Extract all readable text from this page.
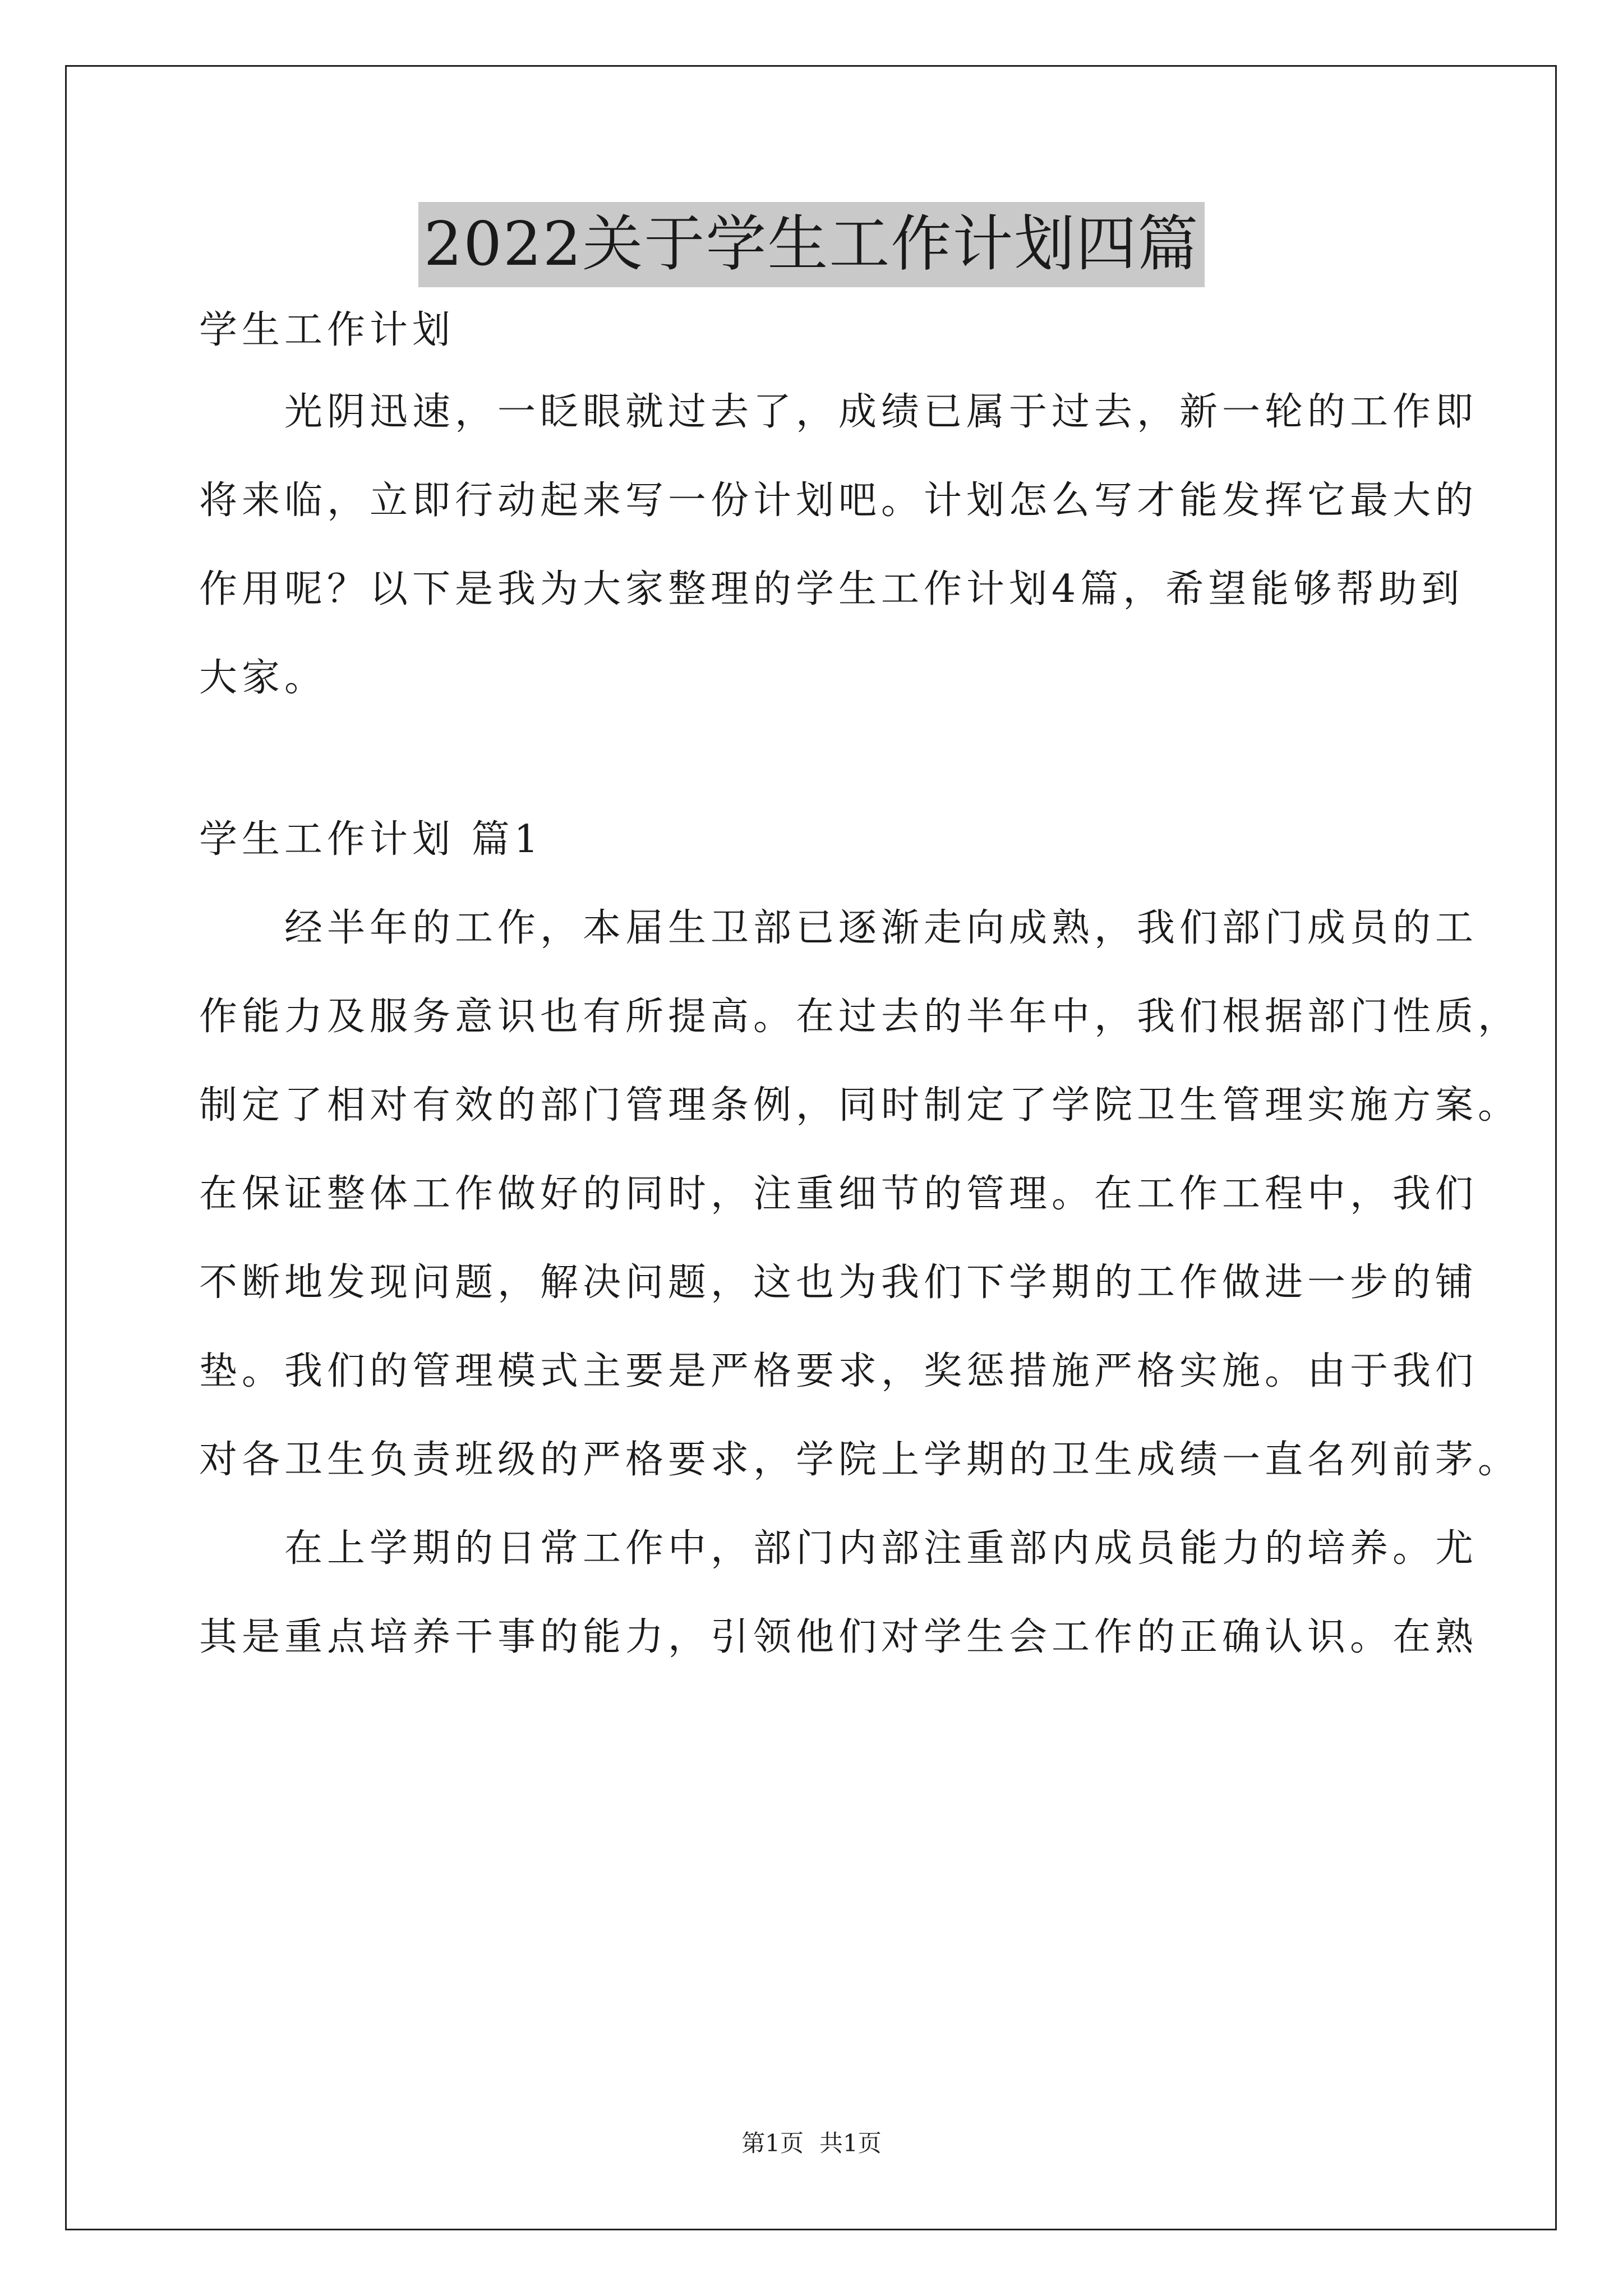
2022关于学生工作计划四篇
学生工作计划
　　光阴迅速，一眨眼就过去了，成绩已属于过去，新一轮的工作即
将来临，立即行动起来写一份计划吧。计划怎么写才能发挥它最大的
作用呢？以下是我为大家整理的学生工作计划4篇，希望能够帮助到
大家。
学生工作计划 篇1
　　经半年的工作，本届生卫部已逐渐走向成熟，我们部门成员的工
作能力及服务意识也有所提高。在过去的半年中，我们根据部门性质，
制定了相对有效的部门管理条例，同时制定了学院卫生管理实施方案。
在保证整体工作做好的同时，注重细节的管理。在工作工程中，我们
不断地发现问题，解决问题，这也为我们下学期的工作做进一步的铺
垫。我们的管理模式主要是严格要求，奖惩措施严格实施。由于我们
对各卫生负责班级的严格要求，学院上学期的卫生成绩一直名列前茅。
　　在上学期的日常工作中，部门内部注重部内成员能力的培养。尤
其是重点培养干事的能力，引领他们对学生会工作的正确认识。在熟
第1页 共1页
